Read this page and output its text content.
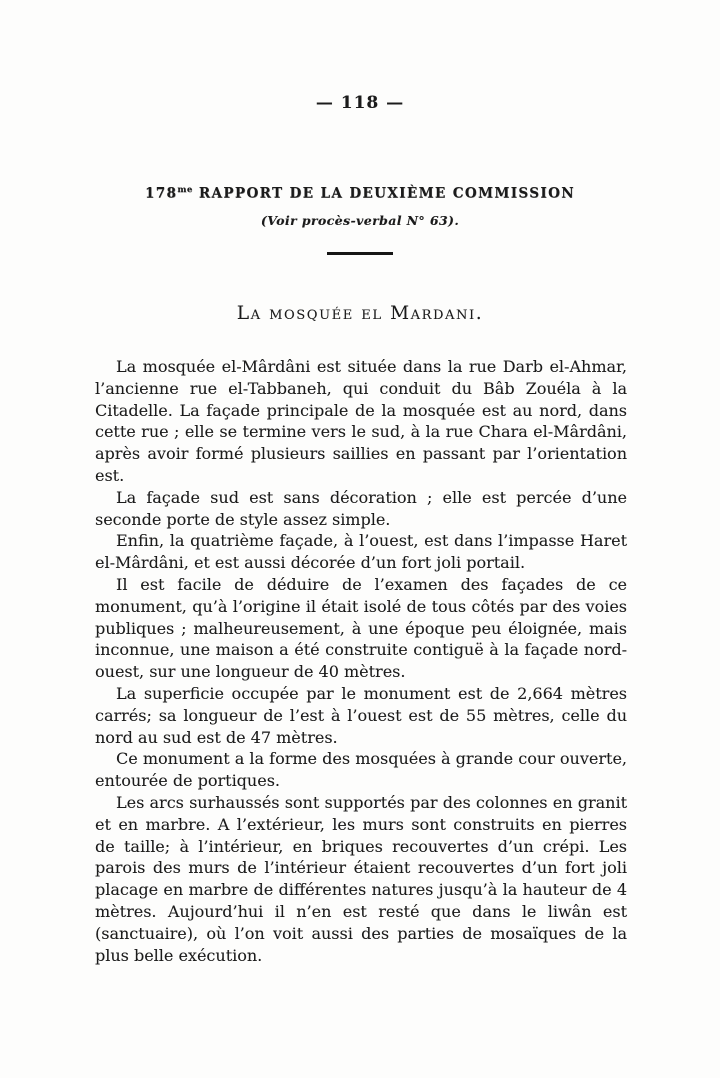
— 118 —
$178^{me}$ RAPPORT DE LA DEUXIÈME COMMISSION
(Voir procès-verbal N° 63).
La mosquée el Mardani.

La mosquée el-Mârdâni est située dans la rue Darb el-Ahmar, l’ancienne rue el-Tabbaneh, qui conduit du Bâb Zouéla à la Citadelle. La façade principale de la mosquée est au nord, dans cette rue ; elle se termine vers le sud, à la rue Chara el-Mârdâni, après avoir formé plusieurs saillies en passant par l’orientation est.

La façade sud est sans décoration ; elle est percée d’une seconde porte de style assez simple.

Enfin, la quatrième façade, à l’ouest, est dans l’impasse Haret el-Mârdâni, et est aussi décorée d’un fort joli portail.

Il est facile de déduire de l’examen des façades de ce monument, qu’à l’origine il était isolé de tous côtés par des voies publiques ; malheureusement, à une époque peu éloignée, mais inconnue, une maison a été construite contiguë à la façade nord-ouest, sur une longueur de 40 mètres.

La superficie occupée par le monument est de 2,664 mètres carrés; sa longueur de l’est à l’ouest est de 55 mètres, celle du nord au sud est de 47 mètres.

Ce monument a la forme des mosquées à grande cour ouverte, entourée de portiques.

Les arcs surhaussés sont supportés par des colonnes en granit et en marbre. A l’extérieur, les murs sont construits en pierres de taille; à l’intérieur, en briques recouvertes d’un crépi. Les parois des murs de l’intérieur étaient recouvertes d’un fort joli placage en marbre de différentes natures jusqu’à la hauteur de 4 mètres. Aujourd’hui il n’en est resté que dans le liwân est (sanctuaire), où l’on voit aussi des parties de mosaïques de la plus belle exécution.
